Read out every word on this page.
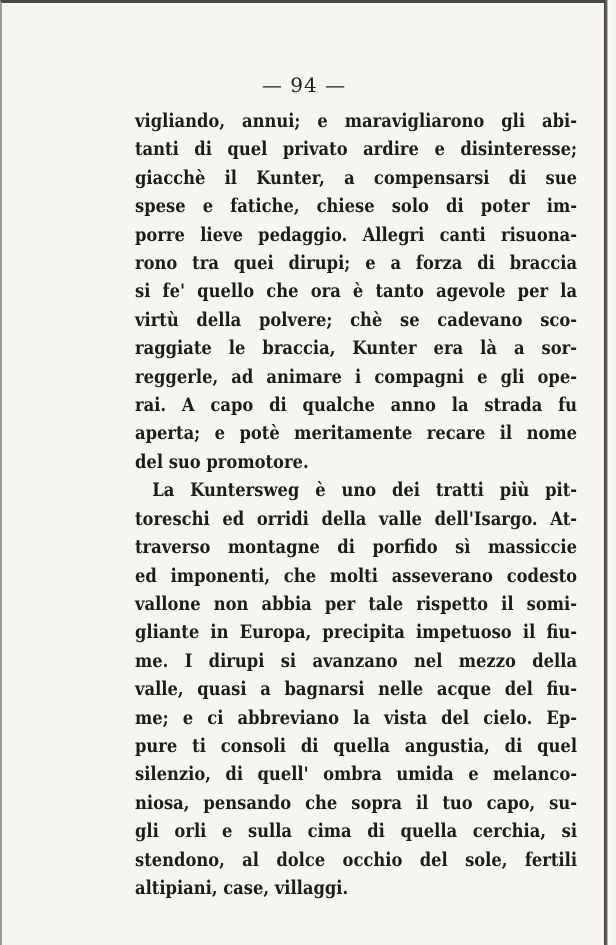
— 94 —
vigliando, annui; e maravigliarono gli abi-
tanti di quel privato ardire e disinteresse;
giacchè il Kunter, a compensarsi di sue
spese e fatiche, chiese solo di poter im-
porre lieve pedaggio. Allegri canti risuona-
rono tra quei dirupi; e a forza di braccia
si fe' quello che ora è tanto agevole per la
virtù della polvere; chè se cadevano sco-
raggiate le braccia, Kunter era là a sor-
reggerle, ad animare i compagni e gli ope-
rai. A capo di qualche anno la strada fu
aperta; e potè meritamente recare il nome
del suo promotore.
La Kuntersweg è uno dei tratti più pit-
toreschi ed orridi della valle dell'Isargo. At-
traverso montagne di porfido sì massiccie
ed imponenti, che molti asseverano codesto
vallone non abbia per tale rispetto il somi-
gliante in Europa, precipita impetuoso il fiu-
me. I dirupi si avanzano nel mezzo della
valle, quasi a bagnarsi nelle acque del fiu-
me; e ci abbreviano la vista del cielo. Ep-
pure ti consoli di quella angustia, di quel
silenzio, di quell' ombra umida e melanco-
niosa, pensando che sopra il tuo capo, su-
gli orli e sulla cima di quella cerchia, si
stendono, al dolce occhio del sole, fertili
altipiani, case, villaggi.
